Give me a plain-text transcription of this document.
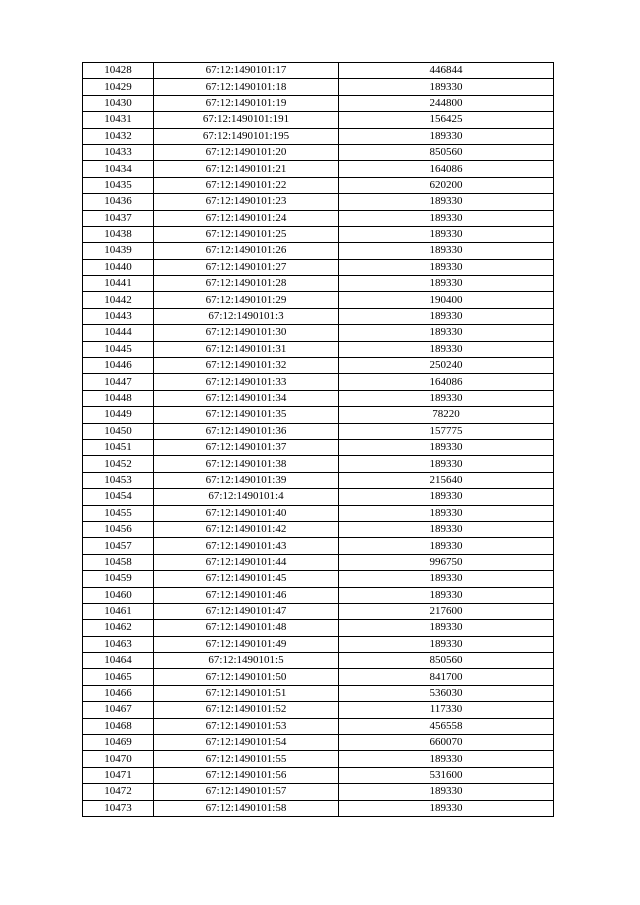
10428	67:12:1490101:17	446844
10429	67:12:1490101:18	189330
10430	67:12:1490101:19	244800
10431	67:12:1490101:191	156425
10432	67:12:1490101:195	189330
10433	67:12:1490101:20	850560
10434	67:12:1490101:21	164086
10435	67:12:1490101:22	620200
10436	67:12:1490101:23	189330
10437	67:12:1490101:24	189330
10438	67:12:1490101:25	189330
10439	67:12:1490101:26	189330
10440	67:12:1490101:27	189330
10441	67:12:1490101:28	189330
10442	67:12:1490101:29	190400
10443	67:12:1490101:3	189330
10444	67:12:1490101:30	189330
10445	67:12:1490101:31	189330
10446	67:12:1490101:32	250240
10447	67:12:1490101:33	164086
10448	67:12:1490101:34	189330
10449	67:12:1490101:35	78220
10450	67:12:1490101:36	157775
10451	67:12:1490101:37	189330
10452	67:12:1490101:38	189330
10453	67:12:1490101:39	215640
10454	67:12:1490101:4	189330
10455	67:12:1490101:40	189330
10456	67:12:1490101:42	189330
10457	67:12:1490101:43	189330
10458	67:12:1490101:44	996750
10459	67:12:1490101:45	189330
10460	67:12:1490101:46	189330
10461	67:12:1490101:47	217600
10462	67:12:1490101:48	189330
10463	67:12:1490101:49	189330
10464	67:12:1490101:5	850560
10465	67:12:1490101:50	841700
10466	67:12:1490101:51	536030
10467	67:12:1490101:52	117330
10468	67:12:1490101:53	456558
10469	67:12:1490101:54	660070
10470	67:12:1490101:55	189330
10471	67:12:1490101:56	531600
10472	67:12:1490101:57	189330
10473	67:12:1490101:58	189330
